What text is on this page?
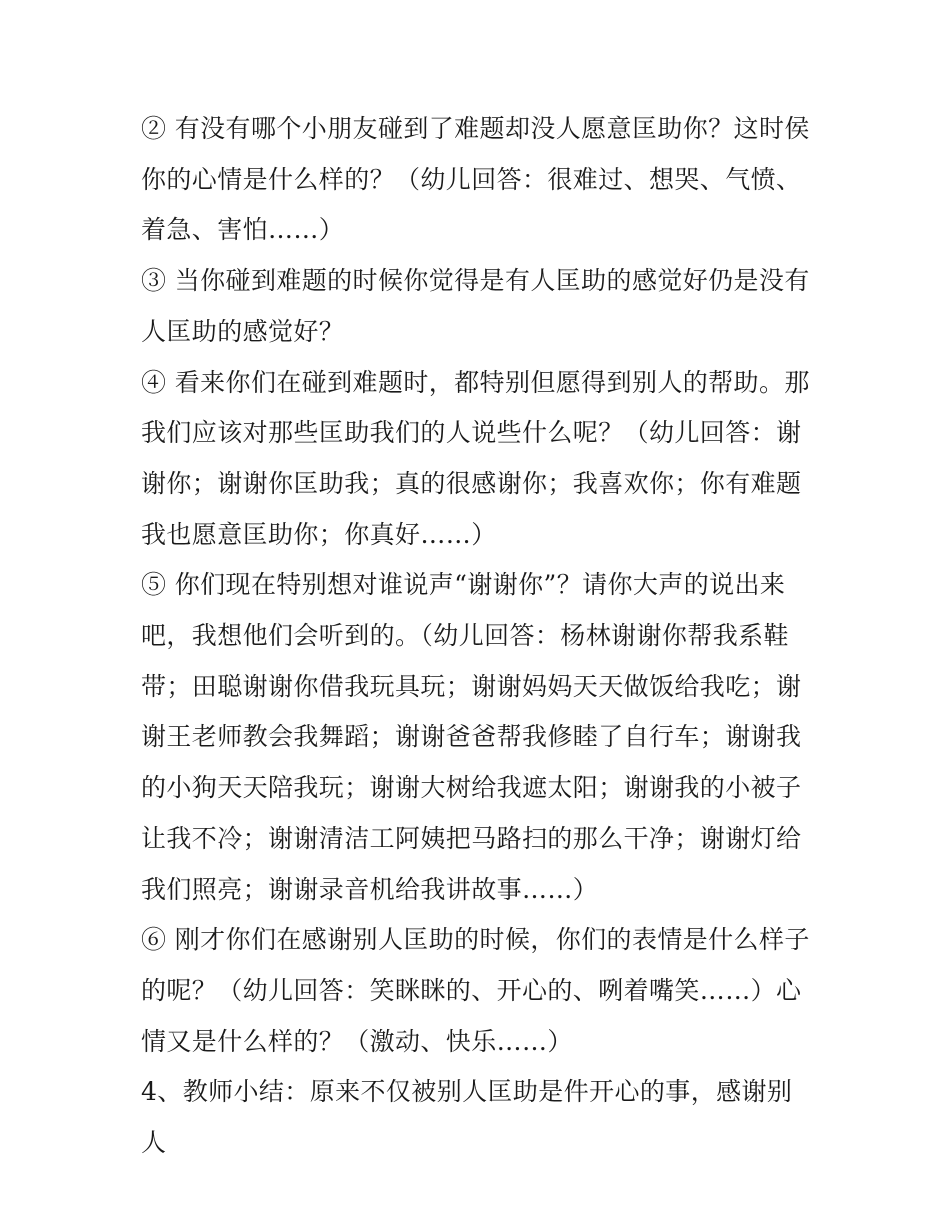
② 有没有哪个小朋友碰到了难题却没人愿意匡助你？这时侯你的心情是什么样的？（幼儿回答：很难过、想哭、气愤、着急、害怕……）

③ 当你碰到难题的时候你觉得是有人匡助的感觉好仍是没有人匡助的感觉好？

④ 看来你们在碰到难题时，都特别但愿得到别人的帮助。那我们应该对那些匡助我们的人说些什么呢？（幼儿回答：谢谢你；谢谢你匡助我；真的很感谢你；我喜欢你；你有难题我也愿意匡助你；你真好……）

⑤ 你们现在特别想对谁说声“谢谢你”？请你大声的说出来吧，我想他们会听到的。（幼儿回答：杨林谢谢你帮我系鞋带；田聪谢谢你借我玩具玩；谢谢妈妈天天做饭给我吃；谢谢王老师教会我舞蹈；谢谢爸爸帮我修睦了自行车；谢谢我的小狗天天陪我玩；谢谢大树给我遮太阳；谢谢我的小被子让我不冷；谢谢清洁工阿姨把马路扫的那么干净；谢谢灯给我们照亮；谢谢录音机给我讲故事……）

⑥ 刚才你们在感谢别人匡助的时候，你们的表情是什么样子的呢？（幼儿回答：笑眯眯的、开心的、咧着嘴笑……）心情又是什么样的？（激动、快乐……）

4、教师小结：原来不仅被别人匡助是件开心的事，感谢别人
